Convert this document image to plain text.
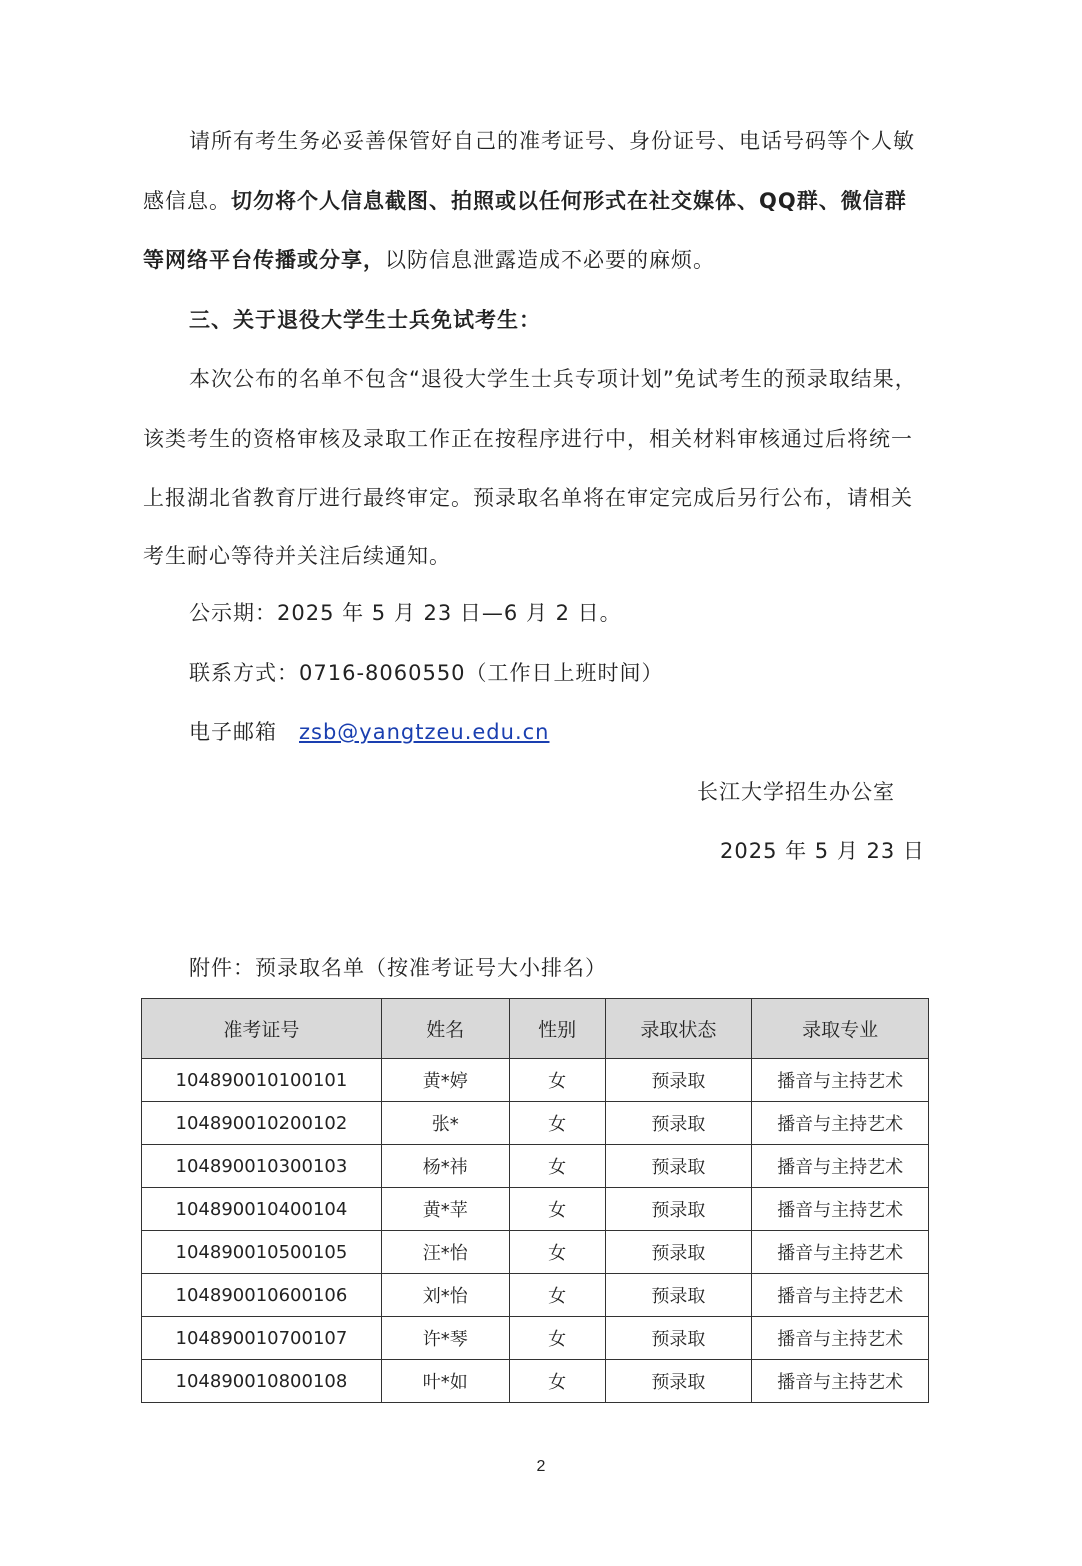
请所有考生务必妥善保管好自己的准考证号、身份证号、电话号码等个人敏
感信息。切勿将个人信息截图、拍照或以任何形式在社交媒体、QQ群、微信群
等网络平台传播或分享，以防信息泄露造成不必要的麻烦。
三、关于退役大学生士兵免试考生：
本次公布的名单不包含“退役大学生士兵专项计划”免试考生的预录取结果，
该类考生的资格审核及录取工作正在按程序进行中，相关材料审核通过后将统一
上报湖北省教育厅进行最终审定。预录取名单将在审定完成后另行公布，请相关
考生耐心等待并关注后续通知。
公示期：2025 年 5 月 23 日—6 月 2 日。
联系方式：0716-8060550（工作日上班时间）
电子邮箱 zsb@yangtzeu.edu.cn
长江大学招生办公室
2025 年 5 月 23 日
附件：预录取名单（按准考证号大小排名）
准考证号	姓名	性别	录取状态	录取专业
104890010100101	黄*婷	女	预录取	播音与主持艺术
104890010200102	张*	女	预录取	播音与主持艺术
104890010300103	杨*祎	女	预录取	播音与主持艺术
104890010400104	黄*苹	女	预录取	播音与主持艺术
104890010500105	汪*怡	女	预录取	播音与主持艺术
104890010600106	刘*怡	女	预录取	播音与主持艺术
104890010700107	许*琴	女	预录取	播音与主持艺术
104890010800108	叶*如	女	预录取	播音与主持艺术
2
